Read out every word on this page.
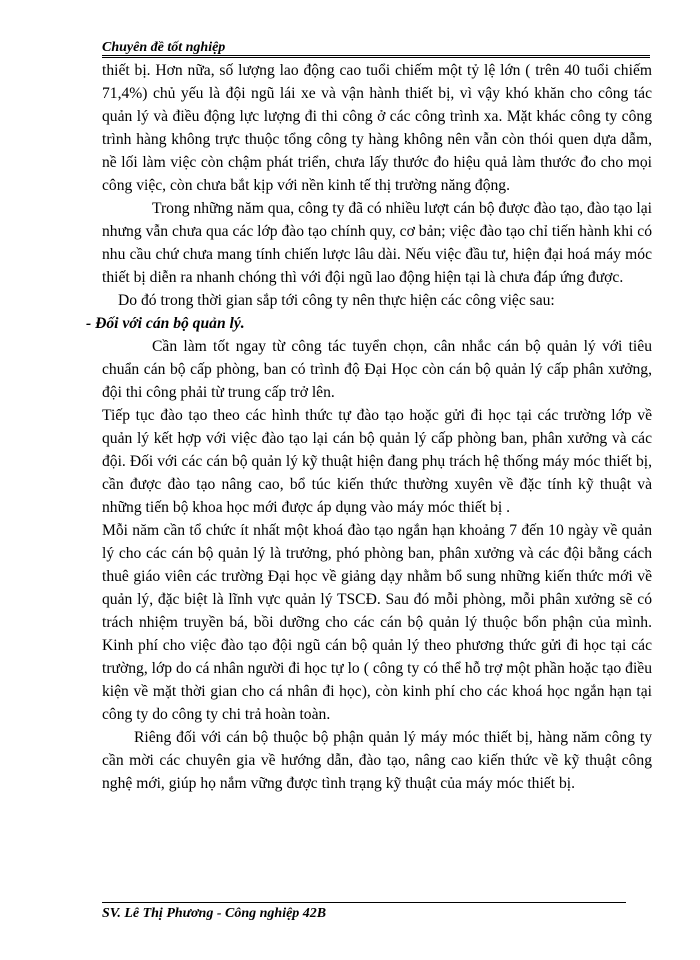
Chuyên đề tốt nghiệp

thiết bị. Hơn nữa, số lượng lao động cao tuổi chiếm một tỷ lệ lớn ( trên 40 tuổi chiếm 71,4%) chủ yếu là đội ngũ lái xe và vận hành thiết bị, vì vậy khó khăn cho công tác quản lý và điều động lực lượng đi thi công ở các công trình xa. Mặt khác công ty công trình hàng không trực thuộc tổng công ty hàng không nên vẫn còn thói quen dựa dẫm, nề lối làm việc còn chậm phát triển, chưa lấy thước đo hiệu quả làm thước đo cho mọi công việc, còn chưa bắt kịp với nền kinh tế thị trường năng động.

Trong những năm qua, công ty đã có nhiều lượt cán bộ được đào tạo, đào tạo lại nhưng vẫn chưa qua các lớp đào tạo chính quy, cơ bản; việc đào tạo chỉ tiến hành khi có nhu cầu chứ chưa mang tính chiến lược lâu dài. Nếu việc đầu tư, hiện đại hoá máy móc thiết bị diễn ra nhanh chóng thì với đội ngũ lao động hiện tại là chưa đáp ứng được.

Do đó trong thời gian sắp tới công ty nên thực hiện các công việc sau:

- Đối với cán bộ quản lý.

Cần làm tốt ngay từ công tác tuyển chọn, cân nhắc cán bộ quản lý với tiêu chuẩn cán bộ cấp phòng, ban có trình độ Đại Học còn cán bộ quản lý cấp phân xưởng, đội thi công phải từ trung cấp trở lên.

Tiếp tục đào tạo theo các hình thức tự đào tạo hoặc gửi đi học tại các trường lớp về quản lý kết hợp với việc đào tạo lại cán bộ quản lý cấp phòng ban, phân xưởng và các đội. Đối với các cán bộ quản lý kỹ thuật hiện đang phụ trách hệ thống máy móc thiết bị, cần được đào tạo nâng cao, bổ túc kiến thức thường xuyên về đặc tính kỹ thuật và những tiến bộ khoa học mới được áp dụng vào máy móc thiết bị .

Mỗi năm cần tổ chức ít nhất một khoá đào tạo ngắn hạn khoảng 7 đến 10 ngày về quản lý cho các cán bộ quản lý là trưởng, phó phòng ban, phân xưởng và các đội bằng cách thuê giáo viên các trường Đại học về giảng dạy nhằm bổ sung những kiến thức mới về quản lý, đặc biệt là lĩnh vực quản lý TSCĐ. Sau đó mỗi phòng, mỗi phân xưởng sẽ có trách nhiệm truyền bá, bồi dưỡng cho các cán bộ quản lý thuộc bổn phận của mình. Kinh phí cho việc đào tạo đội ngũ cán bộ quản lý theo phương thức gửi đi học tại các trường, lớp do cá nhân người đi học tự lo ( công ty có thể hỗ trợ một phần hoặc tạo điều kiện về mặt thời gian cho cá nhân đi học), còn kinh phí cho các khoá học ngắn hạn tại công ty do công ty chi trả hoàn toàn.

Riêng đối với cán bộ thuộc bộ phận quản lý máy móc thiết bị, hàng năm công ty cần mời các chuyên gia về hướng dẫn, đào tạo, nâng cao kiến thức về kỹ thuật công nghệ mới, giúp họ nắm vững được tình trạng kỹ thuật của máy móc thiết bị.

SV. Lê Thị Phương - Công nghiệp 42B
